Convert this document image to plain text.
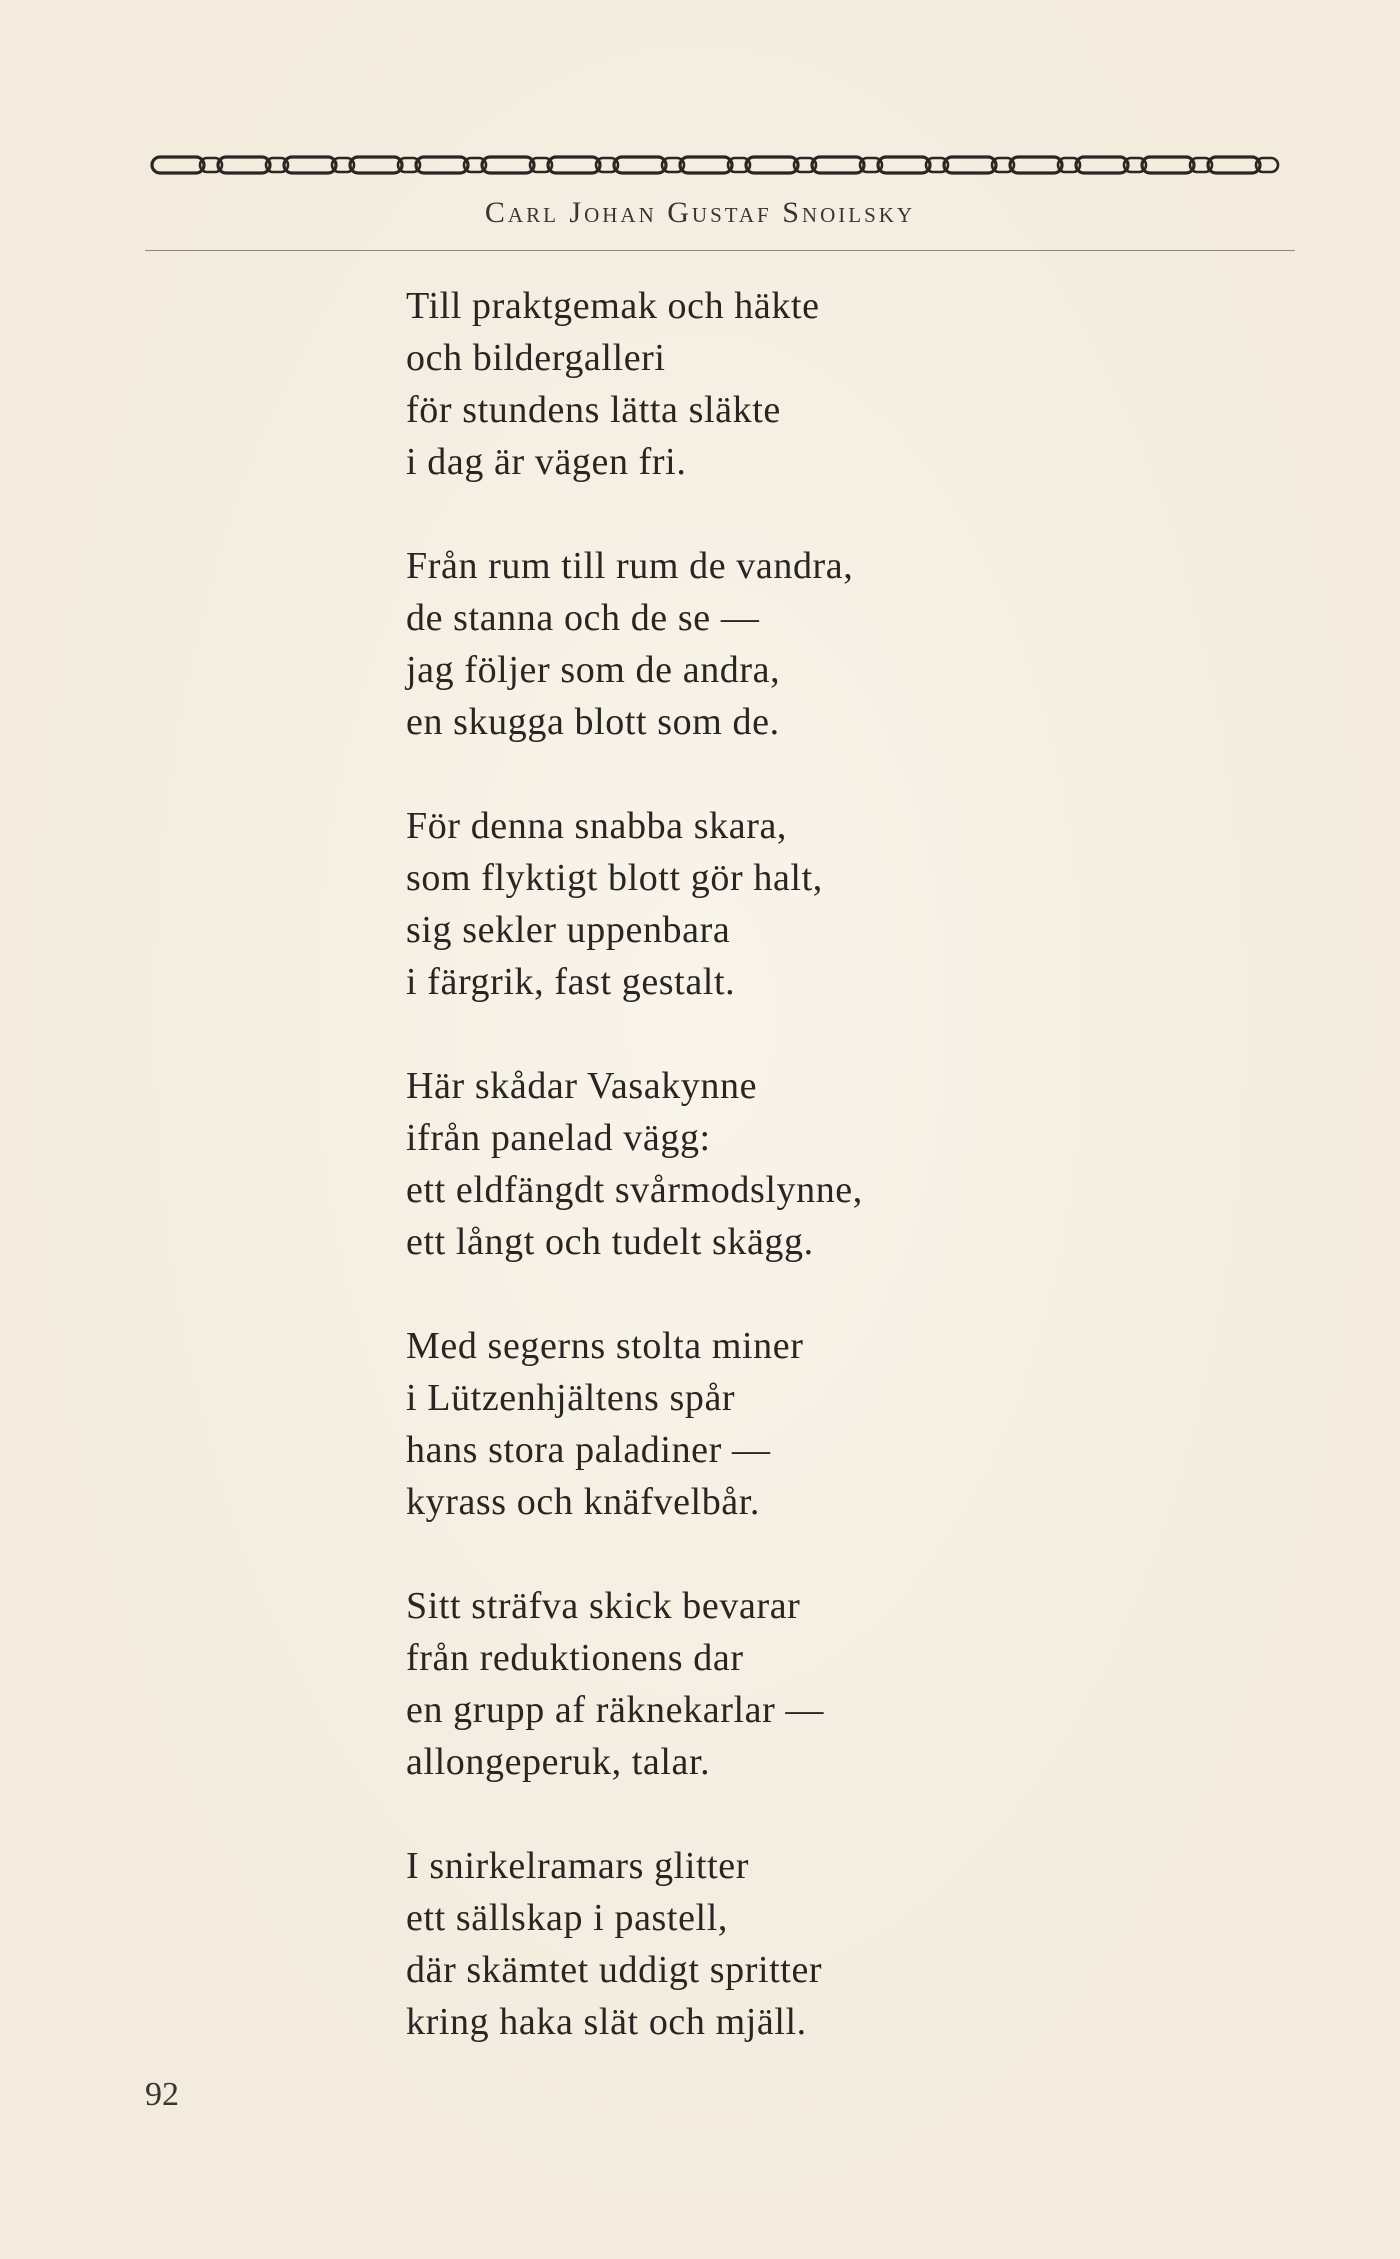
Carl Johan Gustaf Snoilsky
Till praktgemak och häkte
och bildergalleri
för stundens lätta släkte
i dag är vägen fri.
Från rum till rum de vandra,
de stanna och de se —
jag följer som de andra,
en skugga blott som de.
För denna snabba skara,
som flyktigt blott gör halt,
sig sekler uppenbara
i färgrik, fast gestalt.
Här skådar Vasakynne
ifrån panelad vägg:
ett eldfängdt svårmodslynne,
ett långt och tudelt skägg.
Med segerns stolta miner
i Lützenhjältens spår
hans stora paladiner —
kyrass och knäfvelbår.
Sitt sträfva skick bevarar
från reduktionens dar
en grupp af räknekarlar —
allongeperuk, talar.
I snirkelramars glitter
ett sällskap i pastell,
där skämtet uddigt spritter
kring haka slät och mjäll.
92
